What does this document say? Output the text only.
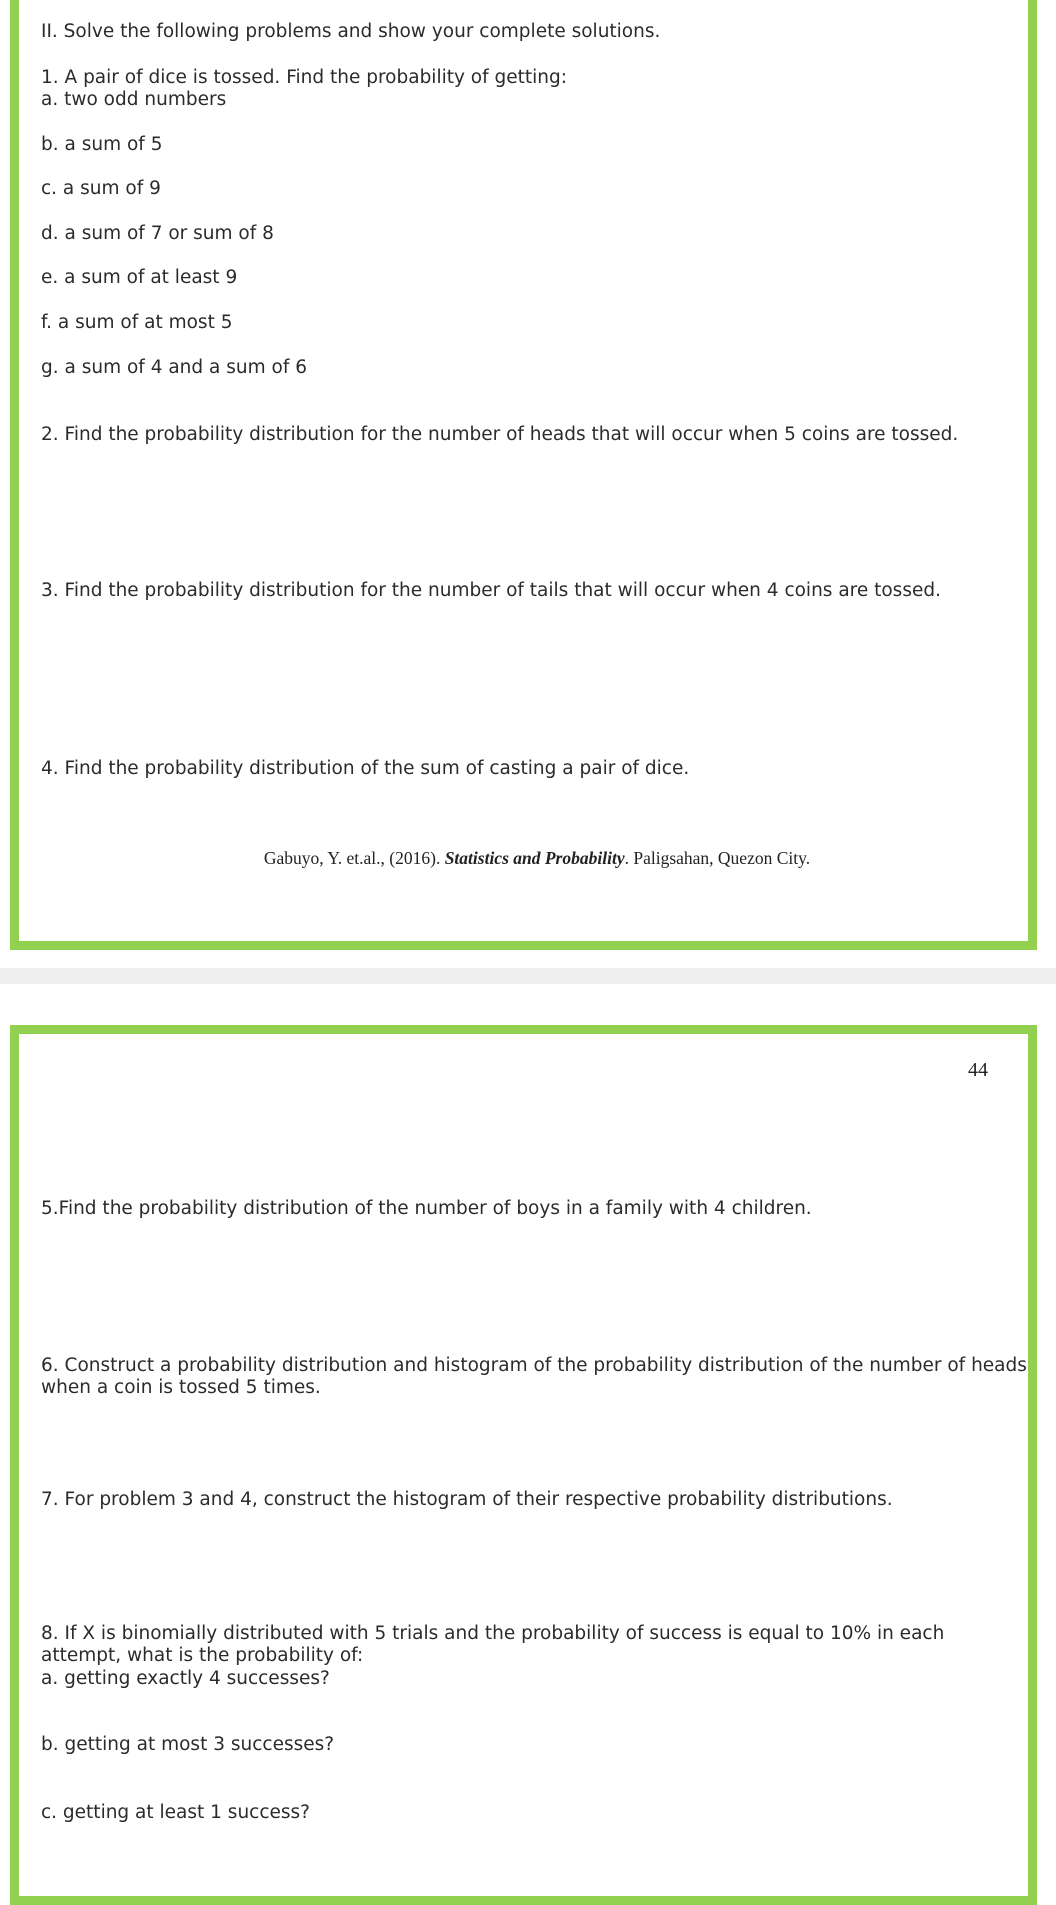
II. Solve the following problems and show your complete solutions.
1. A pair of dice is tossed. Find the probability of getting:
a. two odd numbers
b. a sum of 5
c. a sum of 9
d. a sum of 7 or sum of 8
e. a sum of at least 9
f. a sum of at most 5
g. a sum of 4 and a sum of 6
2. Find the probability distribution for the number of heads that will occur when 5 coins are tossed.
3. Find the probability distribution for the number of tails that will occur when 4 coins are tossed.
4. Find the probability distribution of the sum of casting a pair of dice.
Gabuyo, Y. et.al., (2016). Statistics and Probability. Paligsahan, Quezon City.
44
5.Find the probability distribution of the number of boys in a family with 4 children.
6. Construct a probability distribution and histogram of the probability distribution of the number of heads
when a coin is tossed 5 times.
7. For problem 3 and 4, construct the histogram of their respective probability distributions.
8. If X is binomially distributed with 5 trials and the probability of success is equal to 10% in each
attempt, what is the probability of:
a. getting exactly 4 successes?
b. getting at most 3 successes?
c. getting at least 1 success?
